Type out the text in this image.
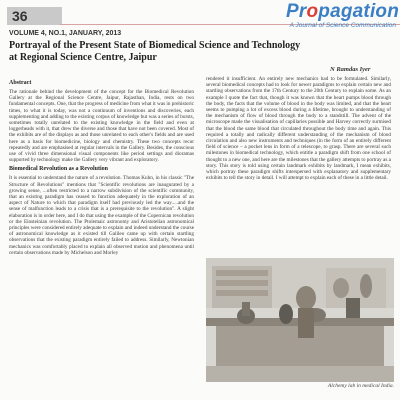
36	Propagation
A Journal of Science Communication
VOLUME 4, NO.1, JANUARY, 2013
Portrayal of the Present State of Biomedical Science and Technology at Regional Science Centre, Jaipur
N Ramdas Iyer
Abstract

The rationale behind the development of the concept for the Biomedical Revolution Gallery at the Regional Science Centre, Jaipur, Rajasthan, India, rests on two fundamental concepts. One, that the progress of medicine from what it was in prehistoric times, to what it is today, was not a continuum of inventions and discoveries, each supplementing and adding to the existing corpus of knowledge but was a series of bursts, sometimes totally unrelated to the existing knowledge in the field and even at loggerheads with it, that drew the diverse and those that have not been covered. Most of the exhibits are of the displays as and those unrelated to each other's fields and are used here as a basis for biomedicine, biology and chemistry. These two concepts recur repeatedly and are emphasised at regular intervals in the Gallery. Besides, the conscious use of vivid three dimensional visual components like period settings and dioramas supported by technology make the Gallery very vibrant and exploratory.

Biomedical Revolution as a Revolution

It is essential to understand the nature of a revolution. Thomas Kuhn, in his classic "The Structure of Revolutions" mentions that "Scientific revolutions are inaugurated by a growing sense, ...often restricted to a narrow subdivision of the scientific community, that an existing paradigm has ceased to function adequately in the exploration of an aspect of Nature to which that paradigm itself had previously led the way.....and the sense of malfunction leads to a crisis that is a prerequisite to the revolution". A slight elaboration is in order here, and I do that using the example of the Copernican revolution or the Einsteinian revolution. The Ptolemaic astronomy and Aristotelian astronomical principles were considered entirely adequate to explain and indeed understand the course of astronomical knowledge as it existed till Galileo came up with certain startling observations that the existing paradigm entirely failed to address. Similarly, Newtonian mechanics was comfortably placed to explain all observed motion and phenomena until certain observations made by Michelson and Morley

rendered it insufficient. An entirely new mechanics had to be formulated. Similarly, several biomedical concepts had to look for newer paradigms to explain certain new and startling observations from the 17th Century to the 20th Century to explain some. As an example I quote the fact that, though it was known that the heart pumps blood through the body, the facts that the volume of blood in the body was limited, and that the heart seems to pumping a lot of excess blood during a lifetime, brought to understanding of the mechanism of flow of blood through the body to a standstill. The advent of the microscope made the visualisation of capillaries possible and Harvey correctly surmised that the blood the same blood that circulated throughout the body time and again. This required a totally and radically different understanding of the mechanism of blood circulation and also new instruments and techniques (in the form of an entirely different field of science – a pocket lens in form of a telescope, to grasp. There are several such milestones in biomedical technology, which entitle a paradigm shift from one school of thought to a new one, and here are the milestones that the gallery attempts to portray as a story. This story is told using certain landmark exhibits by landmark, I mean exhibits, which portray these paradigm shifts interspersed with explanatory and supplementary exhibits to tell the story in detail. I will attempt to explain each of these in a little detail.

Alchemy lab in medical India.
